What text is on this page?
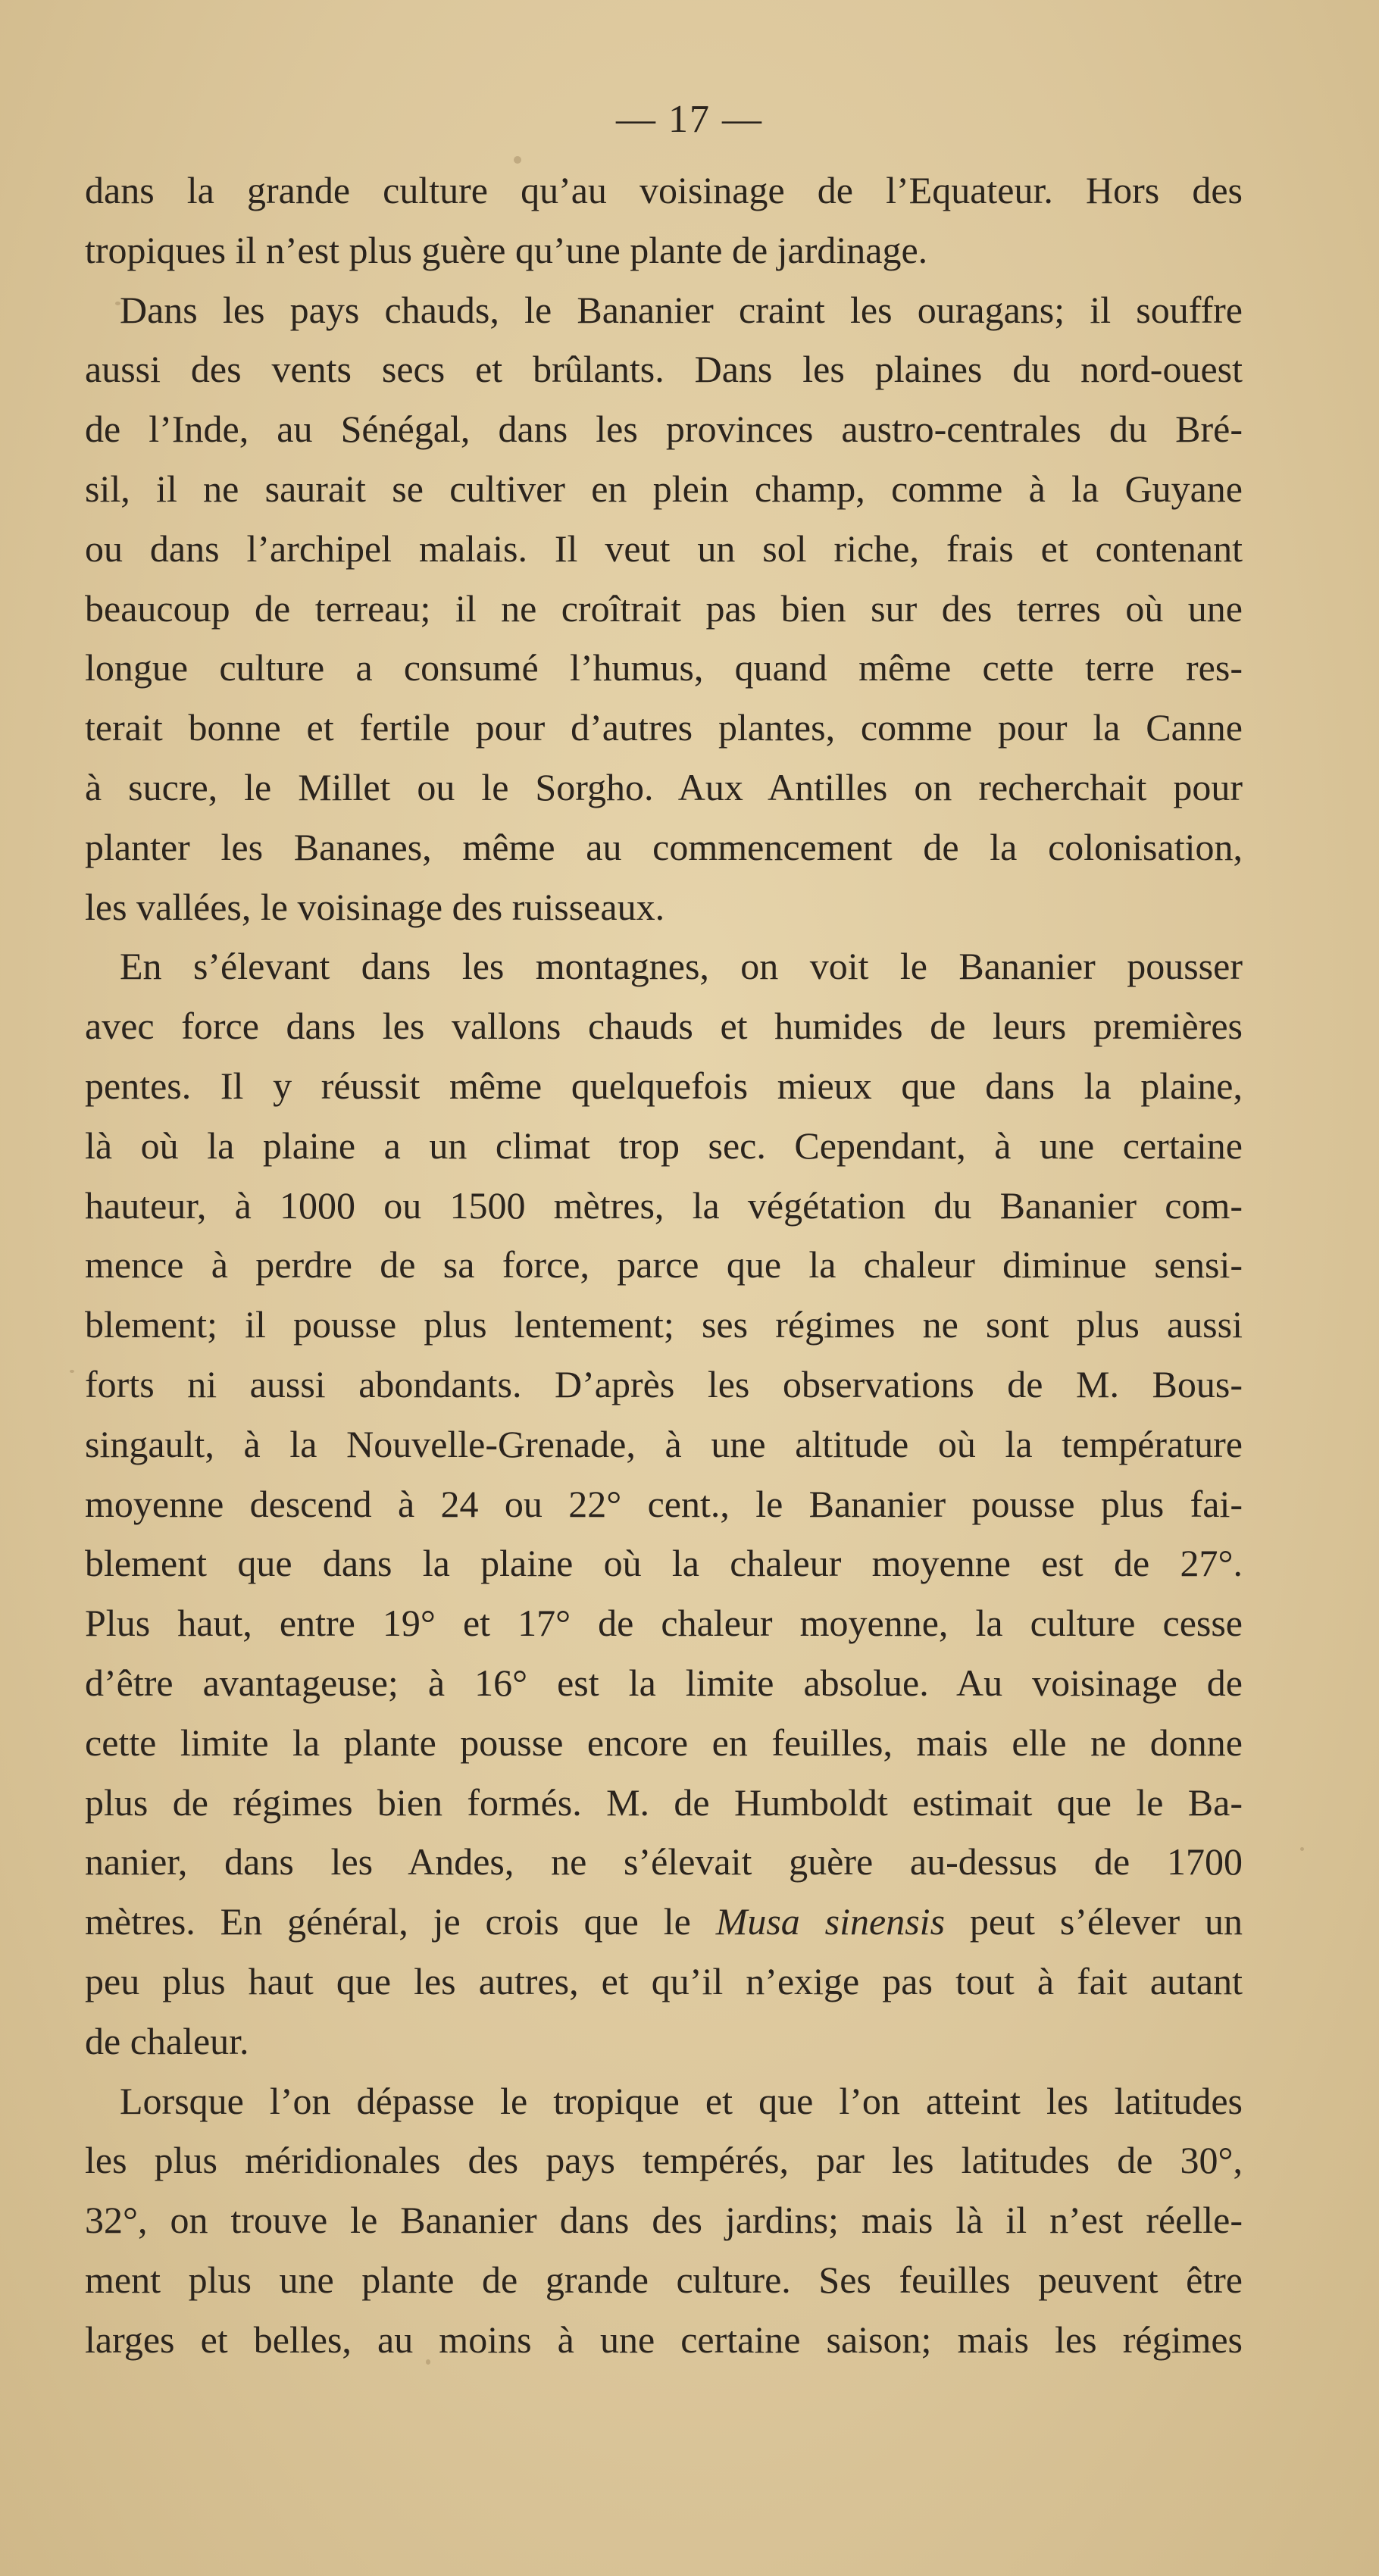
— 17 —
dans la grande culture qu’au voisinage de l’Equateur. Hors des
tropiques il n’est plus guère qu’une plante de jardinage.
Dans les pays chauds, le Bananier craint les ouragans; il souffre
aussi des vents secs et brûlants. Dans les plaines du nord-ouest
de l’Inde, au Sénégal, dans les provinces austro-centrales du Bré-
sil, il ne saurait se cultiver en plein champ, comme à la Guyane
ou dans l’archipel malais. Il veut un sol riche, frais et contenant
beaucoup de terreau; il ne croîtrait pas bien sur des terres où une
longue culture a consumé l’humus, quand même cette terre res-
terait bonne et fertile pour d’autres plantes, comme pour la Canne
à sucre, le Millet ou le Sorgho. Aux Antilles on recherchait pour
planter les Bananes, même au commencement de la colonisation,
les vallées, le voisinage des ruisseaux.
En s’élevant dans les montagnes, on voit le Bananier pousser
avec force dans les vallons chauds et humides de leurs premières
pentes. Il y réussit même quelquefois mieux que dans la plaine,
là où la plaine a un climat trop sec. Cependant, à une certaine
hauteur, à 1000 ou 1500 mètres, la végétation du Bananier com-
mence à perdre de sa force, parce que la chaleur diminue sensi-
blement; il pousse plus lentement; ses régimes ne sont plus aussi
forts ni aussi abondants. D’après les observations de M. Bous-
singault, à la Nouvelle-Grenade, à une altitude où la température
moyenne descend à 24 ou 22° cent., le Bananier pousse plus fai-
blement que dans la plaine où la chaleur moyenne est de 27°.
Plus haut, entre 19° et 17° de chaleur moyenne, la culture cesse
d’être avantageuse; à 16° est la limite absolue. Au voisinage de
cette limite la plante pousse encore en feuilles, mais elle ne donne
plus de régimes bien formés. M. de Humboldt estimait que le Ba-
nanier, dans les Andes, ne s’élevait guère au-dessus de 1700
mètres. En général, je crois que le Musa sinensis peut s’élever un
peu plus haut que les autres, et qu’il n’exige pas tout à fait autant
de chaleur.
Lorsque l’on dépasse le tropique et que l’on atteint les latitudes
les plus méridionales des pays tempérés, par les latitudes de 30°,
32°, on trouve le Bananier dans des jardins; mais là il n’est réelle-
ment plus une plante de grande culture. Ses feuilles peuvent être
larges et belles, au moins à une certaine saison; mais les régimes
